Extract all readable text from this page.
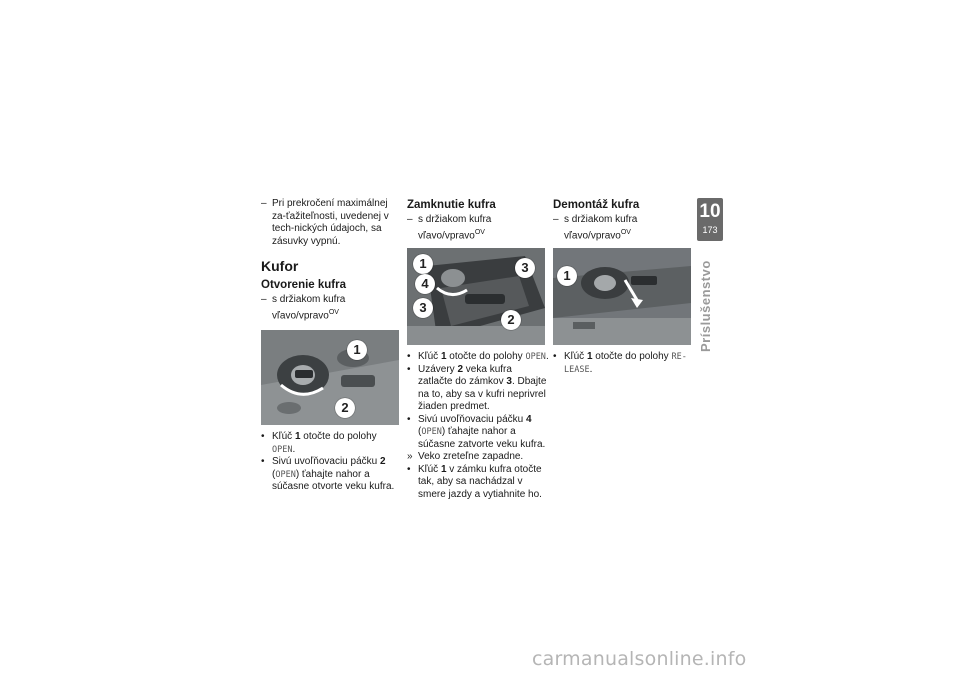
– Pri prekročení maximálnej za-ťažiteľnosti, uvedenej v tech-nických údajoch, sa zásuvky vypnú.

Kufor
Otvorenie kufra

– s držiakom kufra vľavo/vpravo$^{OV}$

1
2

• Kľúč 1 otočte do polohy OPEN.

• Sivú uvoľňovaciu páčku 2 (OPEN) ťahajte nahor a súčasne otvorte veku kufra.

Zamknutie kufra

– s držiakom kufra vľavo/vpravo$^{OV}$

1
4
3
3
2

• Kľúč 1 otočte do polohy OPEN.

• Uzávery 2 veka kufra zatlačte do zámkov 3. Dbajte na to, aby sa v kufri neprivrel žiaden predmet.

• Sivú uvoľňovaciu páčku 4 (OPEN) ťahajte nahor a súčasne zatvorte veku kufra.

» Veko zreteľne zapadne.

• Kľúč 1 v zámku kufra otočte tak, aby sa nachádzal v smere jazdy a vytiahnite ho.

Demontáž kufra

– s držiakom kufra vľavo/vpravo$^{OV}$

1

• Kľúč 1 otočte do polohy RE-LEASE.

10
173
Príslušenstvo
carmanualsonline.info
